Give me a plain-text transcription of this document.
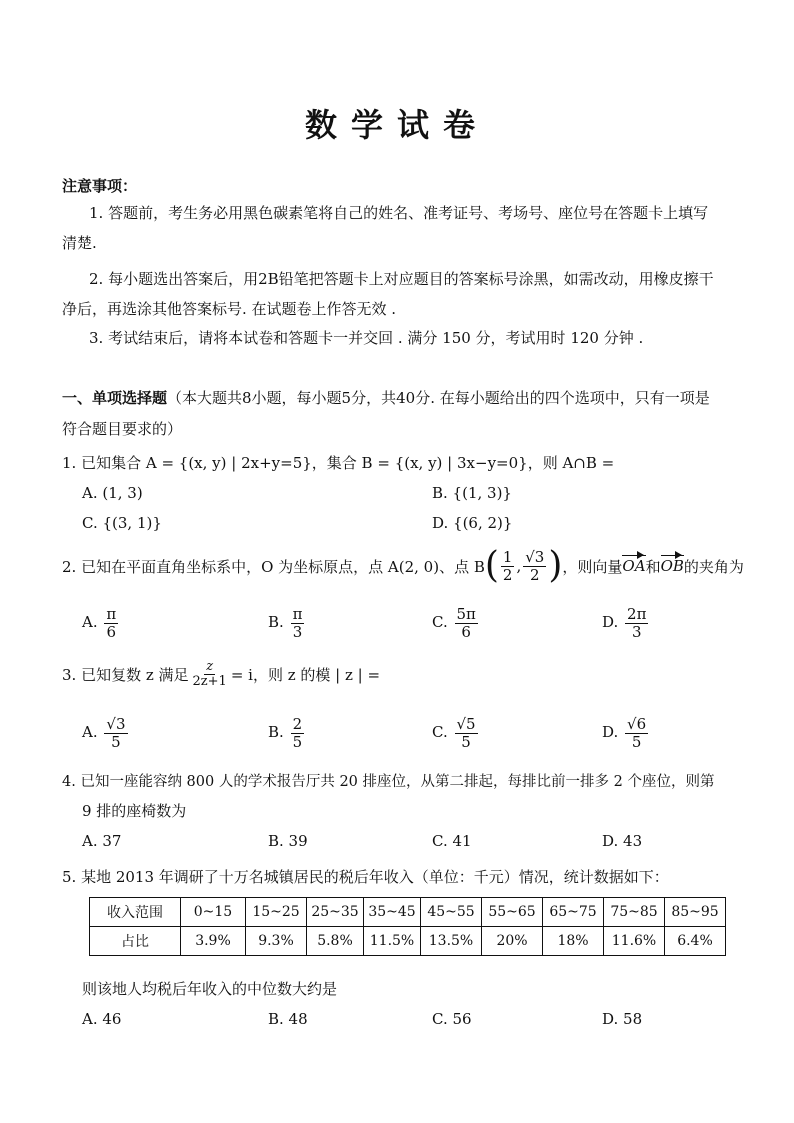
数学试卷
注意事项：
1. 答题前，考生务必用黑色碳素笔将自己的姓名、准考证号、考场号、座位号在答题卡上填写
清楚.
2. 每小题选出答案后，用2B铅笔把答题卡上对应题目的答案标号涂黑，如需改动，用橡皮擦干
净后，再选涂其他答案标号. 在试题卷上作答无效 .
3. 考试结束后，请将本试卷和答题卡一并交回 . 满分 150 分，考试用时 120 分钟 .
一、单项选择题（本大题共8小题，每小题5分，共40分. 在每小题给出的四个选项中，只有一项是
符合题目要求的）
1. 已知集合 A = {(x, y) | 2x+y=5}，集合 B = {(x, y) | 3x−y=0}，则 A∩B =
A. (1, 3)	B. {(1, 3)}
C. {(3, 1)}	D. {(6, 2)}
2. 已知在平面直角坐标系中，O 为坐标原点，点 A(2, 0)、点 B ( $\frac{1}{2}$ , $\frac{√3}{2}$ ) ，则向量 OA 和 OB 的夹角为
A. $\frac{\pi}{6}$	B. $\frac{\pi}{3}$	C. $\frac{5\pi}{6}$	D. $\frac{2\pi}{3}$
3. 已知复数 z 满足 $\frac{z}{2z+1} = i$，则 z 的模 | z | =
A. $\frac{√3}{5}$	B. $\frac{2}{5}$	C. $\frac{√5}{5}$	D. $\frac{√6}{5}$
4. 已知一座能容纳 800 人的学术报告厅共 20 排座位，从第二排起，每排比前一排多 2 个座位，则第
9 排的座椅数为
A. 37	B. 39	C. 41	D. 43
5. 某地 2013 年调研了十万名城镇居民的税后年收入（单位：千元）情况，统计数据如下：
收入范围	0~15	15~25	25~35	35~45	45~55	55~65	65~75	75~85	85~95
占比	3.9%	9.3%	5.8%	11.5%	13.5%	20%	18%	11.6%	6.4%
则该地人均税后年收入的中位数大约是
A. 46	B. 48	C. 56	D. 58
